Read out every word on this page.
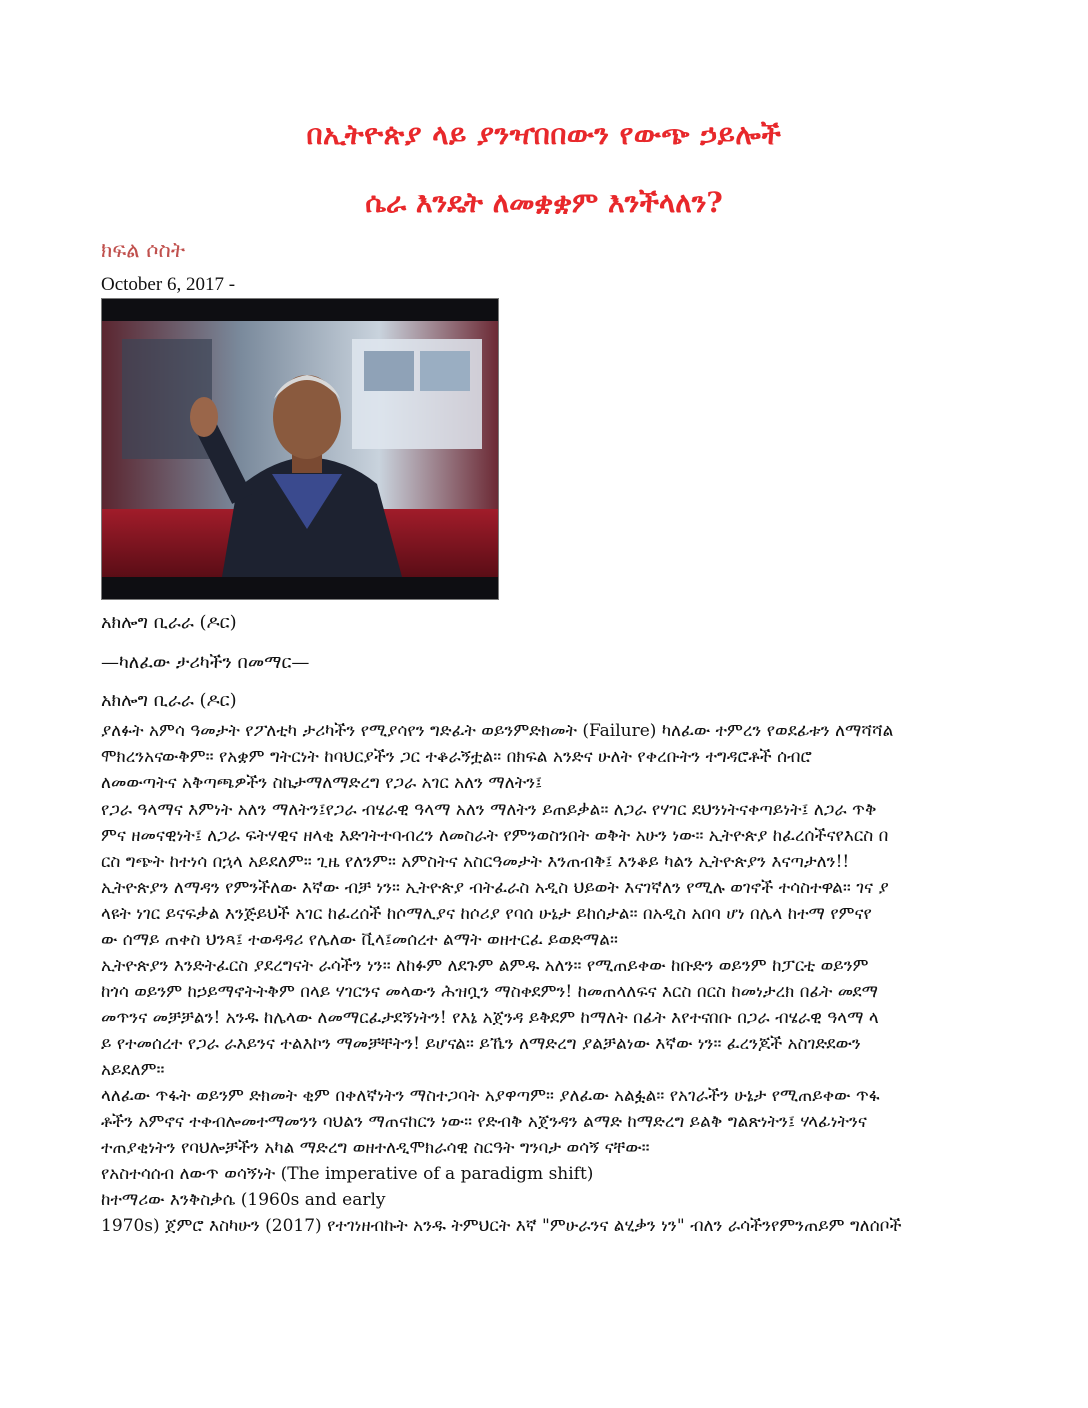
በኢትዮጵያ ላይ ያንዣበበውን የውጭ ኃይሎች
ሴራ እንዴት ለመቋቋም እንችላለን?

ክፍል ሶስት

October 6, 2017 -

አክሎግ ቢራራ (ዶር)

—ካለፈው ታሪካችን በመማር—

አክሎግ ቢራራ (ዶር)

ያለፉት አምሳ ዓመታት የፖለቲካ ታሪካችን የሚያሳየን ግድፈት ወይንምድክመት (Failure) ካለፈው ተምረን የወደፊቱን ለማሻሻል
ሞክረንአናውቅም። የአቋም ግትርነት ከባህርያችን ጋር ተቆራኝቷል። በክፍል አንድና ሁለት የቀረቡትን ተግዳሮቶች ሰብሮ
ለመውጣትና አቅጣጫዎችን ስኬታማለማድረግ የጋራ አገር አለን ማለትን፤
የጋራ ዓላማና እምነት አለን ማለትን፤የጋራ ብሄራዊ ዓላማ አለን ማለትን ይጠይቃል። ለጋራ የሃገር ደህንነትናቀጣይነት፤ ለጋራ ጥቅ
ምና ዘመናዊነት፤ ለጋራ ፍትሃዊና ዘላቂ እድገትተባብረን ለመስራት የምንወስንበት ወቅት አሁን ነው። ኢትዮጵያ ከፈረሰችናየእርስ በ
ርስ ግጭት ከተነሳ በኋላ አይደለም። ጊዜ የለንም። አምስትና አስርዓመታት እንጠብቅ፤ እንቆይ ካልን ኢትዮጵያን እናጣታለን!!
ኢትዮጵያን ለማዳን የምንችለው እኛው ብቻ ነን። ኢትዮጵያ ብትፈራስ አዲስ ህይወት እናገኛለን የሚሉ ወገኖች ተሳስተዋል። ገና ያ
ላዩት ነገር ይናፍቃል እንጅይህች አገር ከፈረሰች ከሶማሊያና ከሶሪያ የባሰ ሁኔታ ይከሰታል። በአዲስ አበባ ሆነ በሌላ ከተማ የምናየ
ው ሰማይ ጠቀስ ህንጻ፤ ተወዳዳሪ የሌለው ቪላ፤መሰረተ ልማት ወዘተርፈ ይወድማል።
ኢትዮጵያን እንድትፈርስ ያደረግናት ራሳችን ነን። ለከፉም ለደጉም ልምዱ አለን። የሚጠይቀው ከቡድን ወይንም ከፓርቲ ወይንም
ከጎሳ ወይንም ከኃይማኖትትቅም በላይ ሃገርንና መላውን ሕዝቧን ማስቀደምን! ከመጠላለፍና እርስ በርስ ከመነታረክ በፊት መደማ
መጥንና መቻቻልን! አንዱ ከሌላው ለመማርፈታደኝነትን! የእኔ አጀንዳ ይቅደም ከማለት በፊት እየተናበቡ በጋራ ብሄራዊ ዓላማ ላ
ይ የተመሰረተ የጋራ ራእይንና ተልእኮን ማመቻቸትን! ይሆናል። ይኼን ለማድረግ ያልቻልነው እኛው ነን። ፈረንጆች አስገድደውን
አይደለም።
ላለፈው ጥፋት ወይንም ድክመት ቂም በቀለኛነትን ማስተጋባት አያዋጣም። ያለፈው አልፏል። የአገራችን ሁኔታ የሚጠይቀው ጥፋ
ቶችን አምኖና ተቀብሎመተማመንን ባህልን ማጠናከርን ነው። የድብቅ አጀንዳን ልማድ ከማድረግ ይልቅ ግልጽነትን፤ ሃላፊነትንና
ተጠያቂነትን የባህሎቻችን አካል ማድረግ ወዘተለዲሞክራሳዊ ስርዓት ግንባታ ወሳኝ ናቸው።
የአስተሳሰብ ለውጥ ወሳኝነት (The imperative of a paradigm shift)
ከተማሪው እንቅስቃሴ (1960s and early
1970s) ጀምሮ እስካሁን (2017) የተገነዘብኩት አንዱ ትምህርት እኛ "ምሁራንና ልሂቃን ነን" ብለን ራሳችንየምንጠይም ግለሰቦች
